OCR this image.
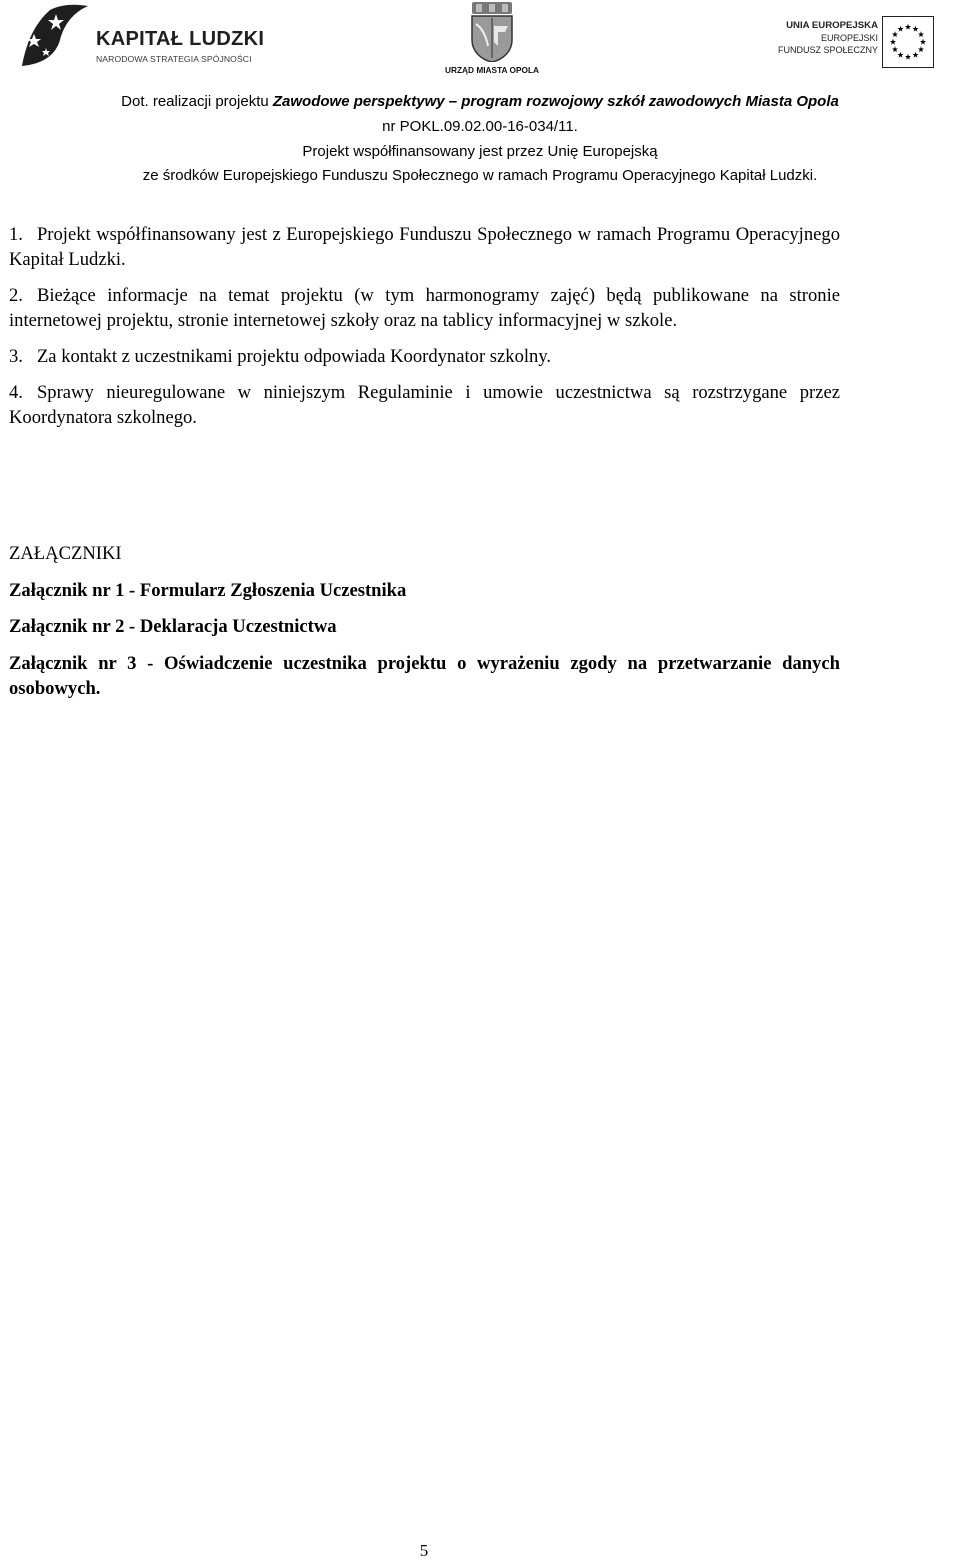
KAPITAŁ LUDZKI
NARODOWA STRATEGIA SPÓJNOŚCI
URZĄD MIASTA OPOLA
UNIA EUROPEJSKA
EUROPEJSKI
FUNDUSZ SPOŁECZNY
Dot. realizacji projektu Zawodowe perspektywy – program rozwojowy szkół zawodowych Miasta Opola
nr POKL.09.02.00-16-034/11.
Projekt współfinansowany jest przez Unię Europejską
ze środków Europejskiego Funduszu Społecznego w ramach Programu Operacyjnego Kapitał Ludzki.

1. Projekt współfinansowany jest z Europejskiego Funduszu Społecznego w ramach Programu Operacyjnego Kapitał Ludzki.

2. Bieżące informacje na temat projektu (w tym harmonogramy zajęć) będą publikowane na stronie internetowej projektu, stronie internetowej szkoły oraz na tablicy informacyjnej w szkole.

3. Za kontakt z uczestnikami projektu odpowiada Koordynator szkolny.

4. Sprawy nieuregulowane w niniejszym Regulaminie i umowie uczestnictwa są rozstrzygane przez Koordynatora szkolnego.

ZAŁĄCZNIKI
Załącznik nr 1 - Formularz Zgłoszenia Uczestnika
Załącznik nr 2 - Deklaracja Uczestnictwa
Załącznik nr 3 - Oświadczenie uczestnika projektu o wyrażeniu zgody na przetwarzanie danych osobowych.
5
